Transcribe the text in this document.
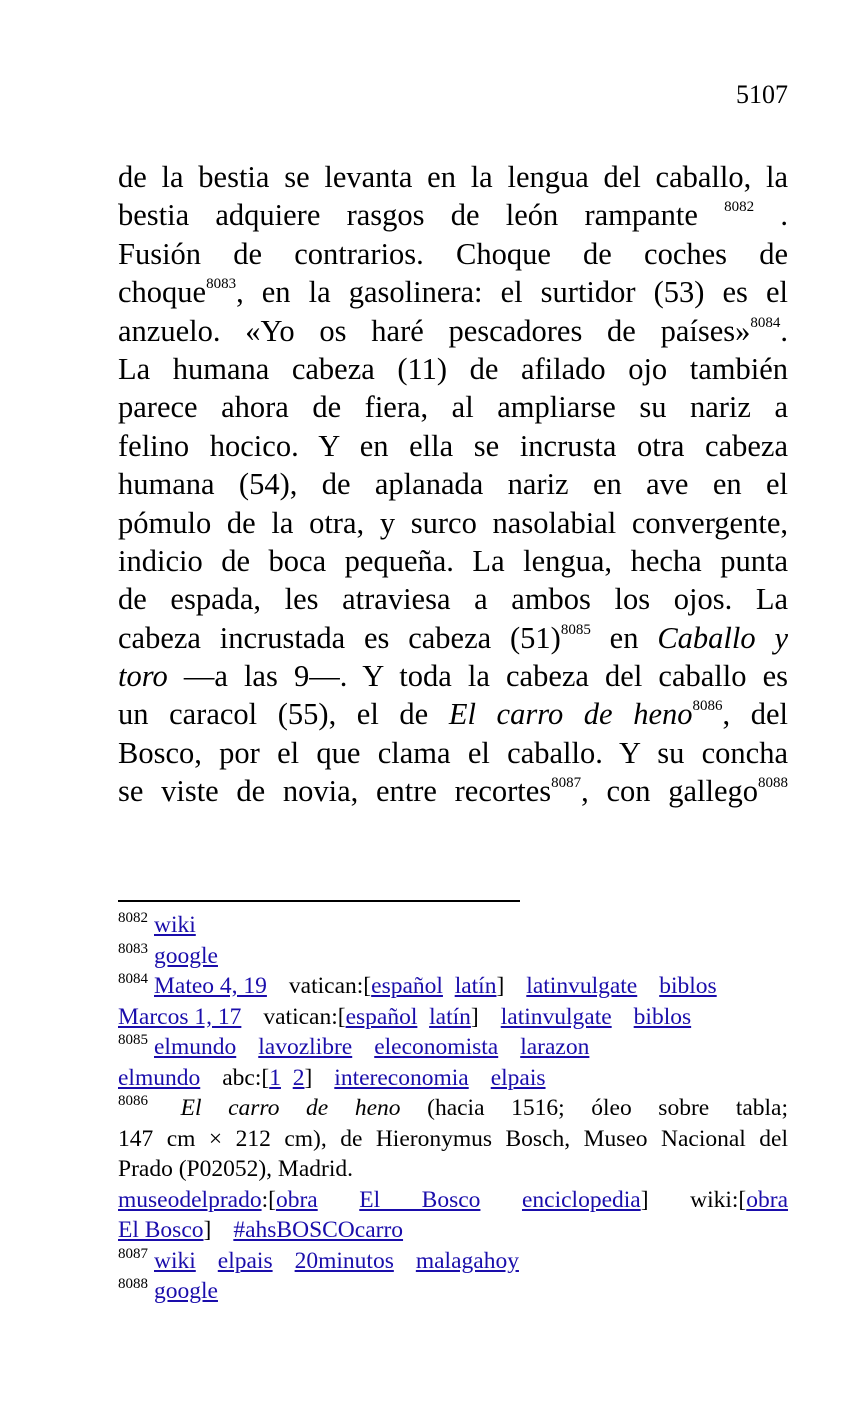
5107
de la bestia se levanta en la lengua del caballo, la
bestia adquiere rasgos de león rampante $^{8082}$ .
Fusión de contrarios. Choque de coches de
choque$^{8083}$, en la gasolinera: el surtidor (53) es el
anzuelo. «Yo os haré pescadores de países»$^{8084}$.
La humana cabeza (11) de afilado ojo también
parece ahora de fiera, al ampliarse su nariz a
felino hocico. Y en ella se incrusta otra cabeza
humana (54), de aplanada nariz en ave en el
pómulo de la otra, y surco nasolabial convergente,
indicio de boca pequeña. La lengua, hecha punta
de espada, les atraviesa a ambos los ojos. La
cabeza incrustada es cabeza $(51)^{8085}$ en Caballo y
toro —a las 9—. Y toda la cabeza del caballo es
un caracol (55), el de El carro de heno$^{8086}$, del
Bosco, por el que clama el caballo. Y su concha
se viste de novia, entre recortes$^{8087}$, con gallego$^{8088}$
$^{8082}$ wiki
$^{8083}$ google
$^{8084}$ Mateo 4, 19 vatican:[español latín] latinvulgate biblos
Marcos 1, 17 vatican:[español latín] latinvulgate biblos
$^{8085}$ elmundo lavozlibre eleconomista larazon
elmundo abc:[1 2] intereconomia elpais
$^{8086}$ El carro de heno (hacia 1516; óleo sobre tabla;
147 cm × 212 cm), de Hieronymus Bosch, Museo Nacional del
Prado (P02052), Madrid.
museodelprado:[obra El Bosco enciclopedia] wiki:[obra
El Bosco] #ahsBOSCOcarro
$^{8087}$ wiki elpais 20minutos malagahoy
$^{8088}$ google
